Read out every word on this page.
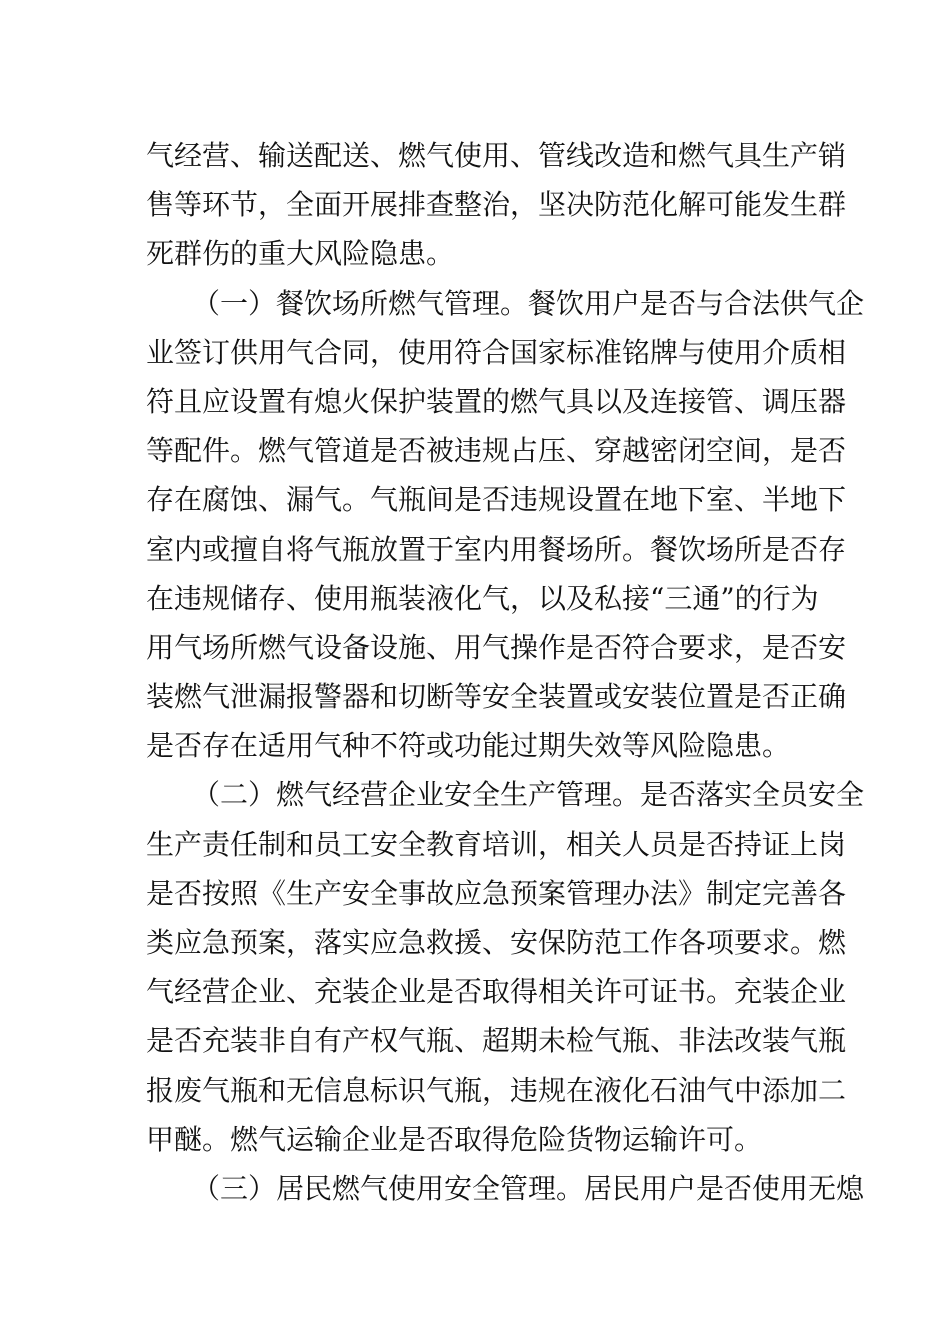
气经营、输送配送、燃气使用、管线改造和燃气具生产销
售等环节，全面开展排查整治，坚决防范化解可能发生群
死群伤的重大风险隐患。
（一）餐饮场所燃气管理。餐饮用户是否与合法供气企
业签订供用气合同，使用符合国家标准铭牌与使用介质相
符且应设置有熄火保护装置的燃气具以及连接管、调压器
等配件。燃气管道是否被违规占压、穿越密闭空间，是否
存在腐蚀、漏气。气瓶间是否违规设置在地下室、半地下
室内或擅自将气瓶放置于室内用餐场所。餐饮场所是否存
在违规储存、使用瓶装液化气，以及私接“三通”的行为
用气场所燃气设备设施、用气操作是否符合要求，是否安
装燃气泄漏报警器和切断等安全装置或安装位置是否正确
是否存在适用气种不符或功能过期失效等风险隐患。
（二）燃气经营企业安全生产管理。是否落实全员安全
生产责任制和员工安全教育培训，相关人员是否持证上岗
是否按照《生产安全事故应急预案管理办法》制定完善各
类应急预案，落实应急救援、安保防范工作各项要求。燃
气经营企业、充装企业是否取得相关许可证书。充装企业
是否充装非自有产权气瓶、超期未检气瓶、非法改装气瓶
报废气瓶和无信息标识气瓶，违规在液化石油气中添加二
甲醚。燃气运输企业是否取得危险货物运输许可。
（三）居民燃气使用安全管理。居民用户是否使用无熄
